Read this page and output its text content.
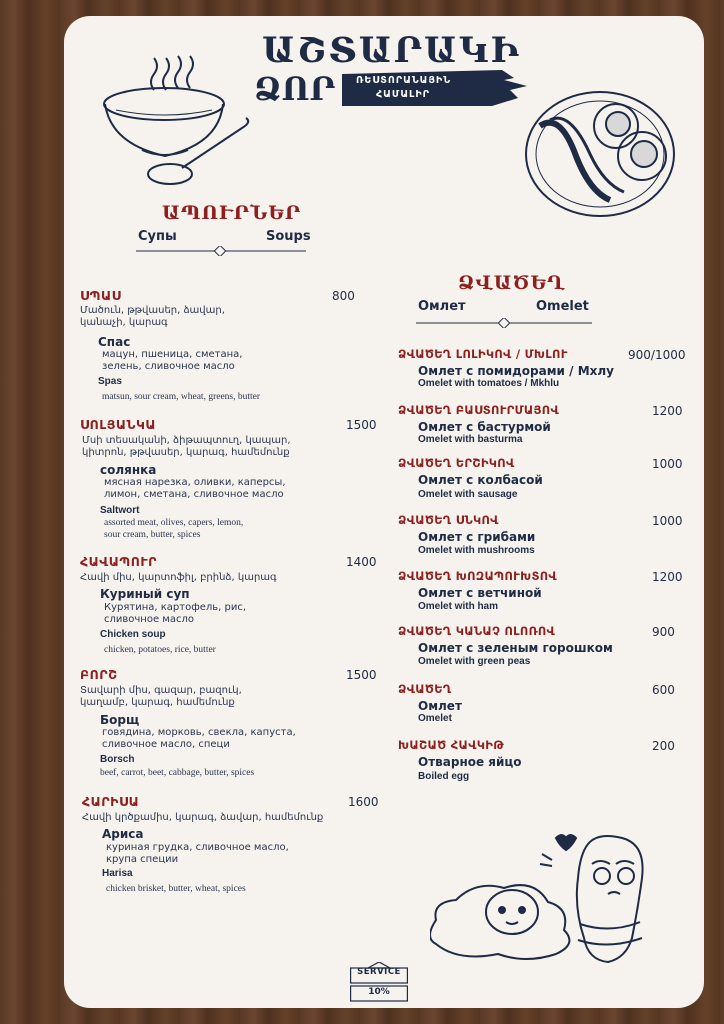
ԱՇՏԱՐԱԿԻ
ՁՈՐ ՌԵՍՏՈՐԱՆԱՅԻՆ
ՀԱՄԱԼԻՐ
ԱՊՈՒՐՆԵՐ
Супы	Soups
ՍՊԱՍ	800
Մածուն, թթվասեր, ձավար,
կանաչի, կարագ
Спас
мацун, пшеница, сметана,
зелень, сливочное масло
Spas
matsun, sour cream, wheat, greens, butter
ՍՈԼՅԱՆԿԱ	1500
Մսի տեսականի, ձիթապտուղ, կապար,
կիտրոն, թթվասեր, կարագ, համեմունք
солянка
мясная нарезка, оливки, каперсы,
лимон, сметана, сливочное масло
Saltwort
assorted meat, olives, capers, lemon,
sour cream, butter, spices
ՀԱՎԱՊՈՒՐ	1400
Հավի միս, կարտոֆիլ, բրինձ, կարագ
Куриный суп
Курятина, картофель, рис,
сливочное масло
Chicken soup
chicken, potatoes, rice, butter
ԲՈՐՇ	1500
Տավարի միս, գազար, բազուկ,
կաղամբ, կարագ, համեմունք
Борщ
говядина, морковь, свекла, капуста,
сливочное масло, специ
Borsch
beef, carrot, beet, cabbage, butter, spices
ՀԱՐԻՍԱ	1600
Հավի կրծքամիս, կարագ, ձավար, համեմունք
Ариса
куриная грудка, сливочное масло,
крупа специи
Harisa
chicken brisket, butter, wheat, spices
ՁՎԱԾԵՂ
Омлет	Omelet
ՁՎԱԾԵՂ ԼՈԼԻԿՈՎ / ՄԽԼՈՒ	900/1000
Омлет с помидорами / Мхлу
Omelet with tomatoes / Mkhlu
ՁՎԱԾԵՂ ԲԱՍՏՈՒՐՄԱՅՈՎ	1200
Омлет с бастурмой
Omelet with basturma
ՁՎԱԾԵՂ ԵՐՇԻԿՈՎ	1000
Омлет с колбасой
Omelet with sausage
ՁՎԱԾԵՂ ՍՆԿՈՎ	1000
Омлет с грибами
Omelet with mushrooms
ՁՎԱԾԵՂ ԽՈԶԱՊՈՒԽՏՈՎ	1200
Омлет с ветчиной
Omelet with ham
ՁՎԱԾԵՂ ԿԱՆԱՉ ՈԼՈՌՈՎ	900
Омлет с зеленым горошком
Omelet with green peas
ՁՎԱԾԵՂ	600
Омлет
Omelet
ԽԱՇԱԾ ՀԱՎԿԻԹ	200
Отварное яйцо
Boiled egg
SERVICE
10%
